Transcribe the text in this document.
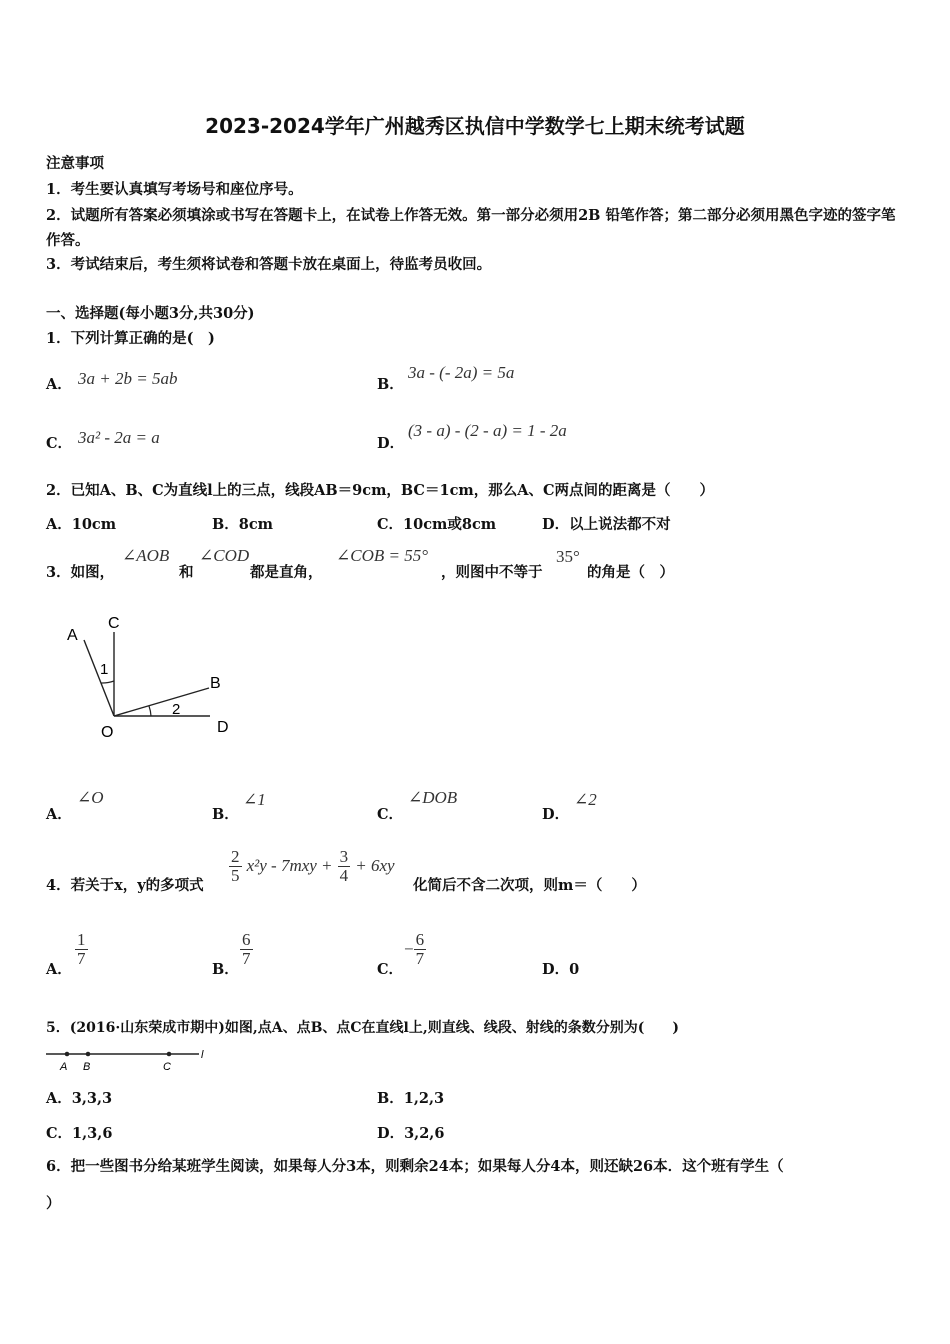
2023-2024学年广州越秀区执信中学数学七上期末统考试题
注意事项
1．考生要认真填写考场号和座位序号。
2．试题所有答案必须填涂或书写在答题卡上，在试卷上作答无效。第一部分必须用2B 铅笔作答；第二部分必须用黑色字迹的签字笔作答。
3．考试结束后，考生须将试卷和答题卡放在桌面上，待监考员收回。
一、选择题(每小题3分,共30分)
1．下列计算正确的是(　)
A． 3a + 2b = 5ab	B．
3a - (- 2a) = 5a
C． 3a² - 2a = a	D．
(3 - a) - (2 - a) = 1 - 2a
2．已知A、B、C为直线l上的三点，线段AB＝9cm，BC＝1cm，那么A、C两点间的距离是（　　）
A．10cm	B．8cm	C．10cm或8cm	D．以上说法都不对
3．如图，
∠AOB
和
∠COD
都是直角，
∠COB = 55°
，则图中不等于
35°
的角是（　）
A
C
B
O	D
1
2
A．
∠O
B．
∠1
C．
∠DOB
D．
∠2
4．若关于x，y的多项式
$\frac{2}{5} x^2y - 7mxy + \frac{3}{4} + 6xy$
化简后不含二次项，则m＝（　　）
A．
$\frac{1}{7}$
B．
$\frac{6}{7}$
C．
− $\frac{6}{7}$
D．0
5．(2016·山东荣成市期中)如图,点A、点B、点C在直线l上,则直线、线段、射线的条数分别为(　　)
A B	C
l
A．3,3,3	B．1,2,3
C．1,3,6	D．3,2,6
6．把一些图书分给某班学生阅读，如果每人分3本，则剩余24本；如果每人分4本，则还缺26本．这个班有学生（
）
